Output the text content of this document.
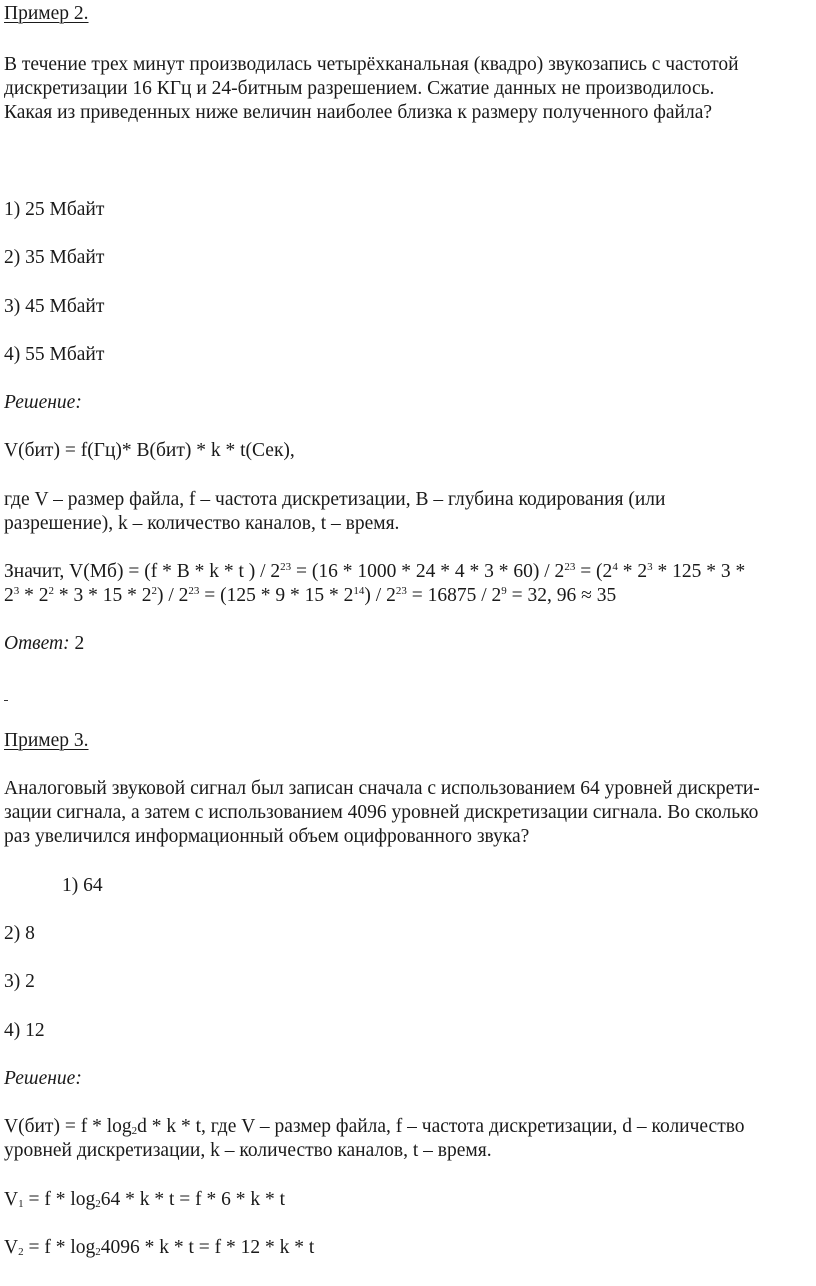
Пример 2.
В течение трех минут производилась четырёхканальная (квадро) звукозапись с частотой
дискретизации 16 КГц и 24-битным разрешением. Сжатие данных не производилось.
Какая из приведенных ниже величин наиболее близка к размеру полученного файла?
1) 25 Мбайт
2) 35 Мбайт
3) 45 Мбайт
4) 55 Мбайт
Решение:
V(бит) = f(Гц)* B(бит) * k * t(Сек),
где V – размер файла, f – частота дискретизации, B – глубина кодирования (или
разрешение), k – количество каналов, t – время.
Значит, V(Мб) = (f * B * k * t ) / $2^{23} = (16 * 1000 * 24 * 4 * 3 * 60) / 2^{23} = (2^4 * 2^3 * 125 * 3$ *
$2^3 * 2^2 * 3 * 15 * 2^2) / 2^{23} = (125 * 9 * 15 * 2^{14}) / 2^{23} = 16875 / 2^9 = 32$, 96 ≈ 35
Ответ: 2
Пример 3.
Аналоговый звуковой сигнал был записан сначала с использованием 64 уровней дискрети-
зации сигнала, а затем с использованием 4096 уровней дискретизации сигнала. Во сколько
раз увеличился информационный объем оцифрованного звука?
1) 64
2) 8
3) 2
4) 12
Решение:
$V(бит) = f * \log_2d * k * t$, где V – размер файла, f – частота дискретизации, d – количество
уровней дискретизации, k – количество каналов, t – время.
$V_1 = f * \log_264 * k * t = f * 6 * k * t$
$V_2 = f * \log_24096 * k * t = f * 12 * k * t$
